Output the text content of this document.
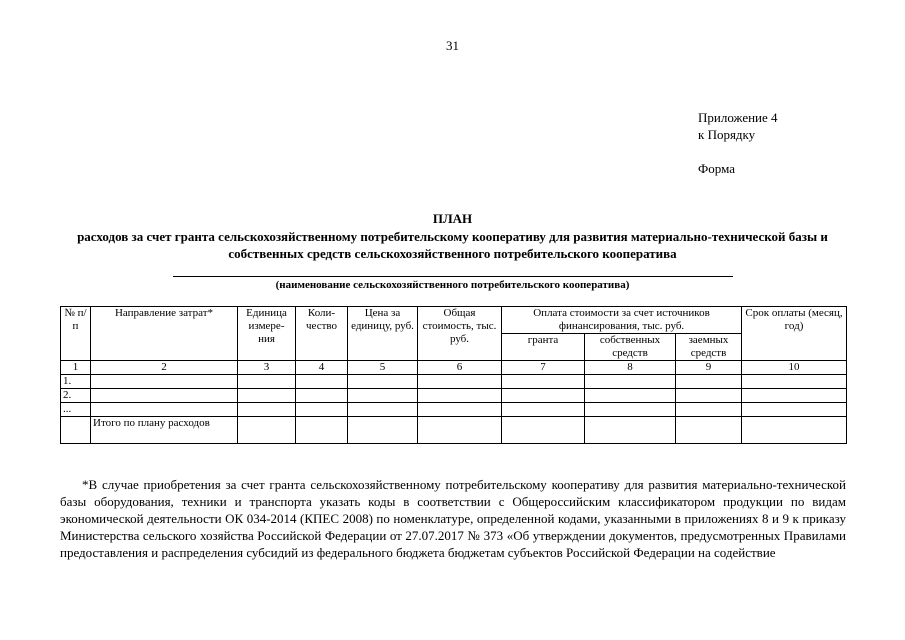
31
Приложение 4
к Порядку
Форма
ПЛАН
расходов за счет гранта сельскохозяйственному потребительскому кооперативу для развития материально-технической базы и собственных средств сельскохозяйственного потребительского кооператива
(наименование сельскохозяйственного потребительского кооператива)
№ п/п	Направление затрат*	Единица измере- ния	Коли- чество	Цена за единицу, руб.	Общая стоимость, тыс. руб.	Оплата стоимости за счет источников финансирования, тыс. руб.			Срок оплаты (месяц, год)
						гранта	собственных средств	заемных средств	
1	2	3	4	5	6	7	8	9	10
1.									
2.									
...									
	Итого по плану расходов								
*В случае приобретения за счет гранта сельскохозяйственному потребительскому кооперативу для развития материально-технической базы оборудования, техники и транспорта указать коды в соответствии с Общероссийским классификатором продукции по видам экономической деятельности ОК 034-2014 (КПЕС 2008) по номенклатуре, определенной кодами, указанными в приложениях 8 и 9 к приказу Министерства сельского хозяйства Российской Федерации от 27.07.2017 № 373 «Об утверждении документов, предусмотренных Правилами предоставления и распределения субсидий из федерального бюджета бюджетам субъектов Российской Федерации на содействие
